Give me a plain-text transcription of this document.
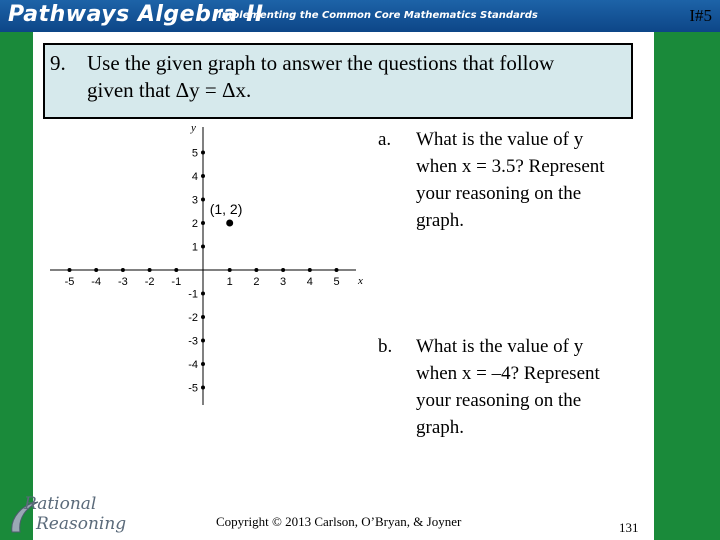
Pathways Algebra II
Implementing the Common Core Mathematics Standards	I#5
9. Use the given graph to answer the questions that follow
given that Δy = Δx.
-5 -4 -3 -2 -1	1 2 3 4 5
5
4
3
2
1
-1
-2
-3
-4
-5
x
y
(1, 2)
a. What is the value of y
when x = 3.5? Represent
your reasoning on the
graph.
b. What is the value of y
when x = –4? Represent
your reasoning on the
graph.
Rational
Reasoning	Copyright © 2013 Carlson, O’Bryan, & Joyner	131
